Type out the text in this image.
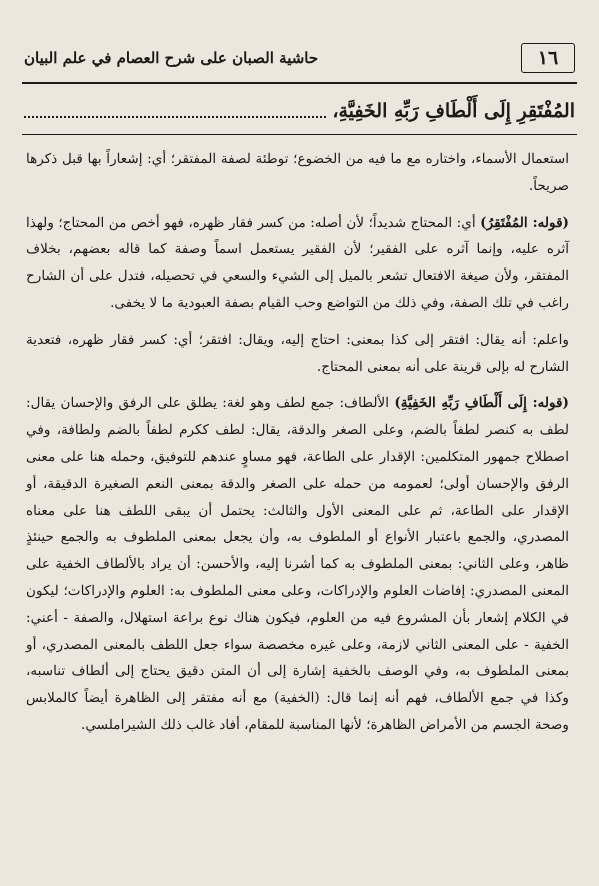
١٦
حاشية الصبان على شرح العصام في علم البيان
المُفْتَقِرِ إِلَى أَلْطَافِ رَبِّهِ الخَفِيَّةِ،

استعمال الأسماء، واختاره مع ما فيه من الخضوع؛ توطئة لصفة المفتقر؛ أي: إشعاراً بها قبل ذكرها صريحاً.

(قوله: المُفْتَقِرُ) أي: المحتاج شديداً؛ لأن أصله: من كسر فقار ظهره، فهو أخص من المحتاج؛ ولهذا آثره عليه، وإنما آثره على الفقير؛ لأن الفقير يستعمل اسماً وصفة كما قاله بعضهم، بخلاف المفتقر، ولأن صيغة الافتعال تشعر بالميل إلى الشيء والسعي في تحصيله، فتدل على أن الشارح راغب في تلك الصفة، وفي ذلك من التواضع وحب القيام بصفة العبودية ما لا يخفى.

واعلم: أنه يقال: افتقر إلى كذا بمعنى: احتاج إليه، ويقال: افتقر؛ أي: كسر فقار ظهره، فتعدية الشارح له بإلى قرينة على أنه بمعنى المحتاج.

(قوله: إِلَى أَلْطَافِ رَبِّهِ الخَفِيَّةِ) الألطاف: جمع لطف وهو لغة: يطلق على الرفق والإحسان يقال: لطف به كنصر لطفاً بالضم، وعلى الصغر والدقة، يقال: لطف ككرم لطفاً بالضم ولطافة، وفي اصطلاح جمهور المتكلمين: الإقدار على الطاعة، فهو مساوٍ عندهم للتوفيق، وحمله هنا على معنى الرفق والإحسان أولى؛ لعمومه من حمله على الصغر والدقة بمعنى النعم الصغيرة الدقيقة، أو الإقدار على الطاعة، ثم على المعنى الأول والثالث: يحتمل أن يبقى اللطف هنا على معناه المصدري، والجمع باعتبار الأنواع أو الملطوف به، وأن يجعل بمعنى الملطوف به والجمع حينئذٍ ظاهر، وعلى الثاني: بمعنى الملطوف به كما أشرنا إليه، والأحسن: أن يراد بالألطاف الخفية على المعنى المصدري: إفاضات العلوم والإدراكات، وعلى معنى الملطوف به: العلوم والإدراكات؛ ليكون في الكلام إشعار بأن المشروع فيه من العلوم، فيكون هناك نوع براعة استهلال، والصفة - أعني: الخفية - على المعنى الثاني لازمة، وعلى غيره مخصصة سواء جعل اللطف بالمعنى المصدري، أو بمعنى الملطوف به، وفي الوصف بالخفية إشارة إلى أن المتن دقيق يحتاج إلى ألطاف تناسبه، وكذا في جمع الألطاف، فهم أنه إنما قال: (الخفية) مع أنه مفتقر إلى الظاهرة أيضاً كالملابس وصحة الجسم من الأمراض الظاهرة؛ لأنها المناسبة للمقام، أفاد غالب ذلك الشيراملسي.
